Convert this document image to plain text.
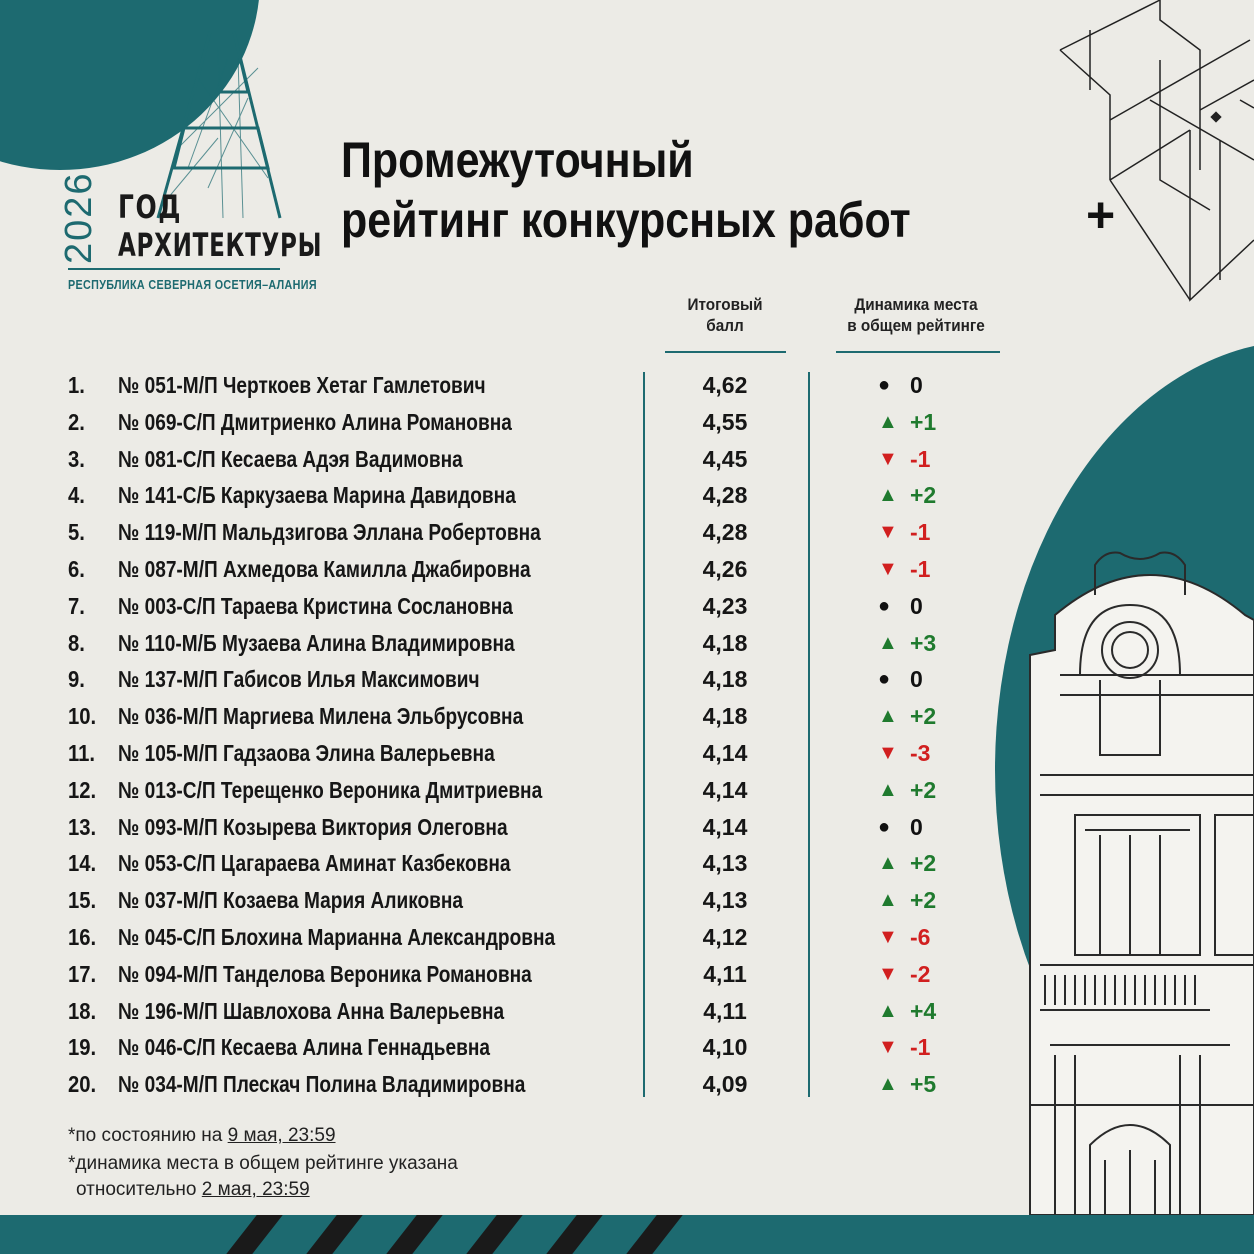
+
2026 ГОД
АРХИТЕКТУРЫ
РЕСПУБЛИКА СЕВЕРНАЯ ОСЕТИЯ–АЛАНИЯ
Промежуточный
рейтинг конкурсных работ
Итоговый
балл
Динамика места
в общем рейтинге
1. № 051-М/П Черткоев Хетаг Гамлетович	4,62	● 0
2. № 069-С/П Дмитриенко Алина Романовна	4,55	▲ +1
3. № 081-С/П Кесаева Адэя Вадимовна	4,45	▼ -1
4. № 141-С/Б Каркузаева Марина Давидовна	4,28	▲ +2
5. № 119-М/П Мальдзигова Эллана Робертовна	4,28	▼ -1
6. № 087-М/П Ахмедова Камилла Джабировна	4,26	▼ -1
7. № 003-С/П Тараева Кристина Сослановна	4,23	● 0
8. № 110-М/Б Музаева Алина Владимировна	4,18	▲ +3
9. № 137-М/П Габисов Илья Максимович	4,18	● 0
10. № 036-М/П Маргиева Милена Эльбрусовна	4,18	▲ +2
11. № 105-М/П Гадзаова Элина Валерьевна	4,14	▼ -3
12. № 013-С/П Терещенко Вероника Дмитриевна	4,14	▲ +2
13. № 093-М/П Козырева Виктория Олеговна	4,14	● 0
14. № 053-С/П Цагараева Аминат Казбековна	4,13	▲ +2
15. № 037-М/П Козаева Мария Аликовна	4,13	▲ +2
16. № 045-С/П Блохина Марианна Александровна	4,12	▼ -6
17. № 094-М/П Танделова Вероника Романовна	4,11	▼ -2
18. № 196-М/П Шавлохова Анна Валерьевна	4,11	▲ +4
19. № 046-С/П Кесаева Алина Геннадьевна	4,10	▼ -1
20. № 034-М/П Плескач Полина Владимировна	4,09	▲ +5
*по состоянию на 9 мая, 23:59
*динамика места в общем рейтинге указана
относительно 2 мая, 23:59
